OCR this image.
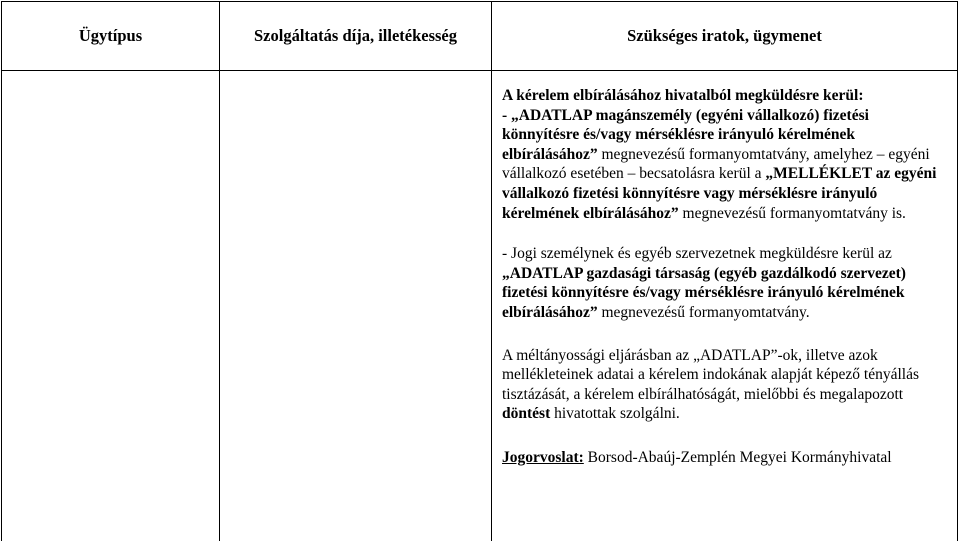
Ügytípus	Szolgáltatás díja, illetékesség	Szükséges iratok, ügymenet

		A kérelem elbírálásához hivatalból megküldésre kerül:

- „ADATLAP magánszemély (egyéni vállalkozó) fizetési könnyítésre és/vagy mérséklésre irányuló kérelmének elbírálásához” megnevezésű formanyomtatvány, amelyhez – egyéni vállalkozó esetében – becsatolásra kerül a „MELLÉKLET az egyéni vállalkozó fizetési könnyítésre vagy mérséklésre irányuló kérelmének elbírálásához” megnevezésű formanyomtatvány is.

- Jogi személynek és egyéb szervezetnek megküldésre kerül az „ADATLAP gazdasági társaság (egyéb gazdálkodó szervezet) fizetési könnyítésre és/vagy mérséklésre irányuló kérelmének elbírálásához” megnevezésű formanyomtatvány.

A méltányossági eljárásban az „ADATLAP”-ok, illetve azok mellékleteinek adatai a kérelem indokának alapját képező tényállás tisztázását, a kérelem elbírálhatóságát, mielőbbi és megalapozott döntést hivatottak szolgálni.

Jogorvoslat: Borsod-Abaúj-Zemplén Megyei Kormányhivatal
